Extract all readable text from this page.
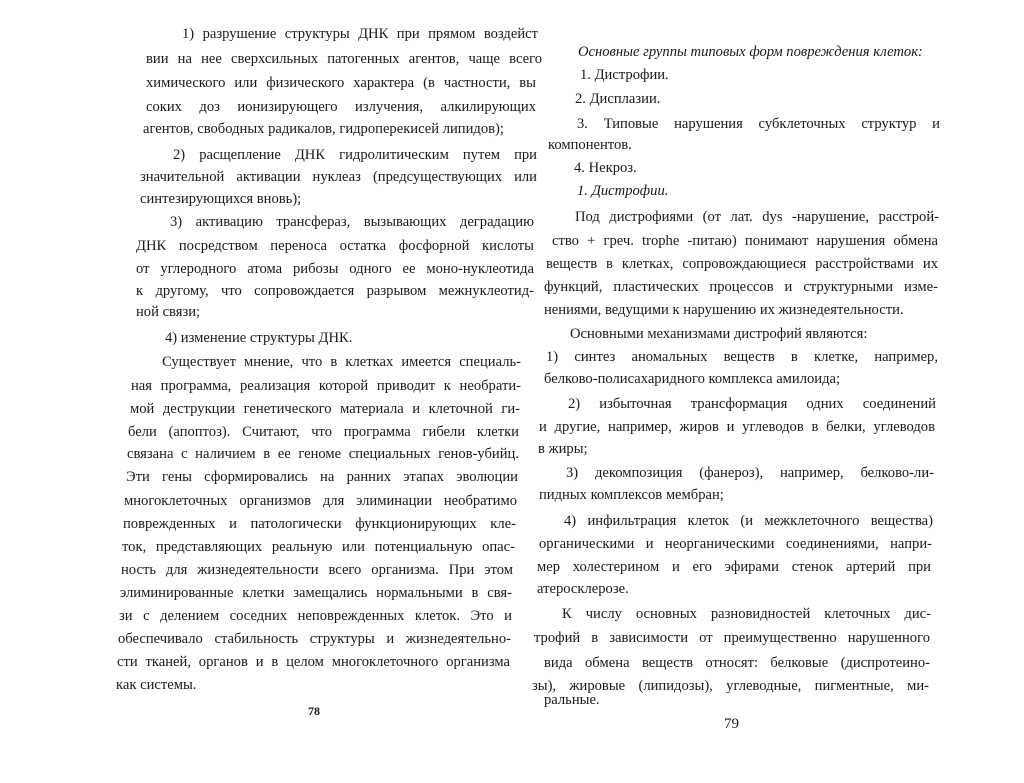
1) разрушение структуры ДНК при прямом воздейст
вии на нее сверхсильных патогенных агентов, чаще всего
химического или физического характера (в частности, вы
соких доз ионизирующего излучения, алкилирующих
агентов, свободных радикалов, гидроперекисей липидов);
2) расщепление ДНК гидролитическим путем при
значительной активации нуклеаз (предсуществующих или
синтезирующихся вновь);
3) активацию трансфераз, вызывающих деградацию
ДНК посредством переноса остатка фосфорной кислоты
от углеродного атома рибозы одного ее моно-нуклеотида
к другому, что сопровождается разрывом межнуклеотид-
ной связи;
4) изменение структуры ДНК.
Существует мнение, что в клетках имеется специаль-
ная программа, реализация которой приводит к необрати-
мой деструкции генетического материала и клеточной ги-
бели (апоптоз). Считают, что программа гибели клетки
связана с наличием в ее геноме специальных генов-убийц.
Эти гены сформировались на ранних этапах эволюции
многоклеточных организмов для элиминации необратимо
поврежденных и патологически функционирующих кле-
ток, представляющих реальную или потенциальную опас-
ность для жизнедеятельности всего организма. При этом
элиминированные клетки замещались нормальными в свя-
зи с делением соседних неповрежденных клеток. Это и
обеспечивало стабильность структуры и жизнедеятельно-
сти тканей, органов и в целом многоклеточного организма
как системы.
78
Основные группы типовых форм повреждения клеток:
1. Дистрофии.
2. Дисплазии.
3. Типовые нарушения субклеточных структур и
компонентов.
4. Некроз.
1. Дистрофии.
Под дистрофиями (от лат. dys -нарушение, расстрой-
ство + греч. trophe -питаю) понимают нарушения обмена
веществ в клетках, сопровождающиеся расстройствами их
функций, пластических процессов и структурными изме-
нениями, ведущими к нарушению их жизнедеятельности.
Основными механизмами дистрофий являются:
1) синтез аномальных веществ в клетке, например,
белково-полисахаридного комплекса амилоида;
2) избыточная трансформация одних соединений
и другие, например, жиров и углеводов в белки, углеводов
в жиры;
3) декомпозиция (фанероз), например, белково-ли-
пидных комплексов мембран;
4) инфильтрация клеток (и межклеточного вещества)
органическими и неорганическими соединениями, напри-
мер холестерином и его эфирами стенок артерий при
атеросклерозе.
К числу основных разновидностей клеточных дис-
трофий в зависимости от преимущественно нарушенного
вида обмена веществ относят: белковые (диспротеино-
зы), жировые (липидозы), углеводные, пигментные, ми-
ральные.
79
